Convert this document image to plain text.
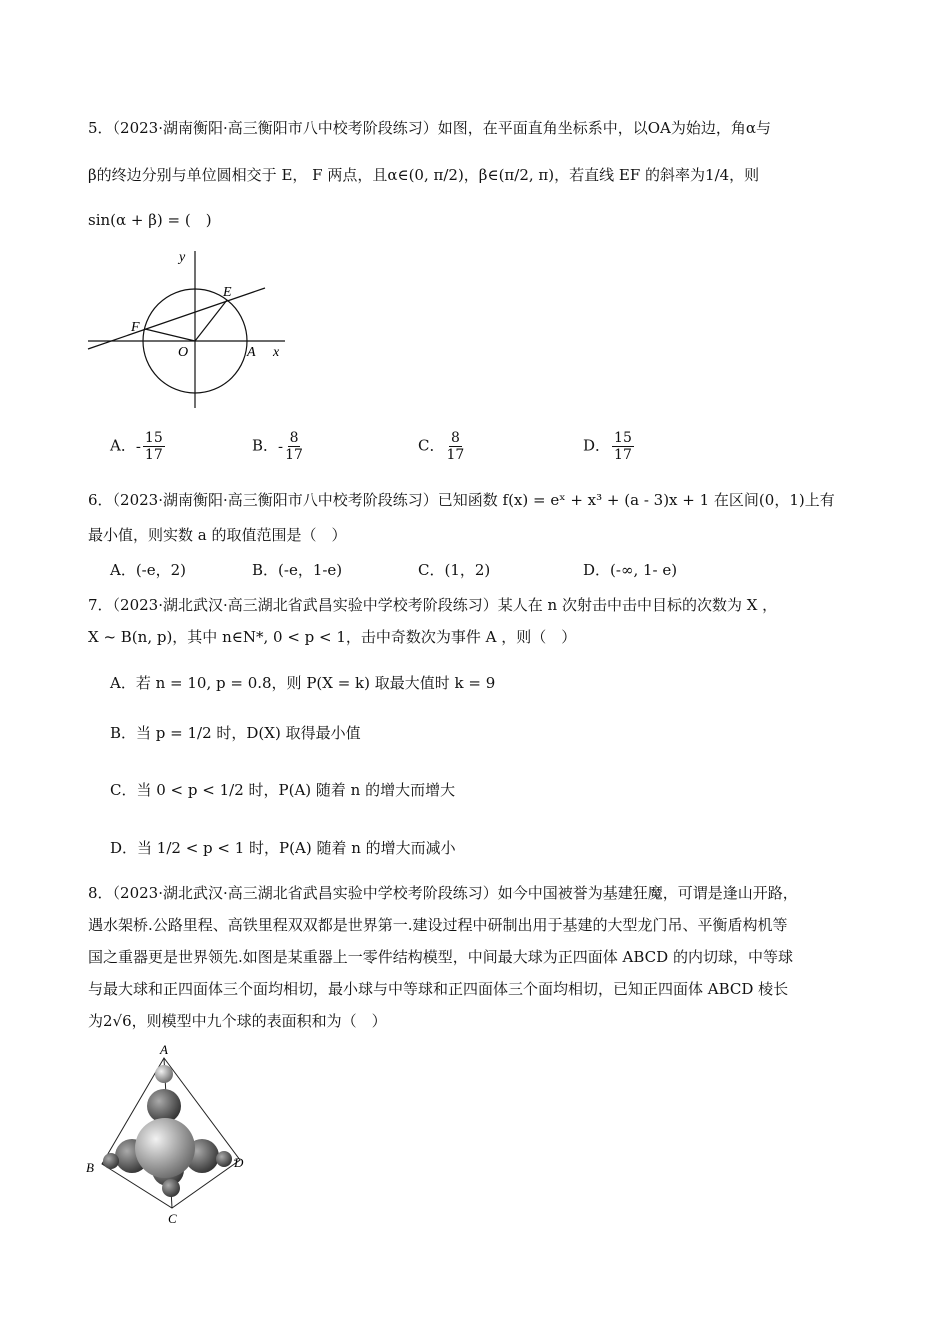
5．（2023·湖南衡阳·高三衡阳市八中校考阶段练习）如图，在平面直角坐标系中，以OA为始边，角α与
β的终边分别与单位圆相交于 E， F 两点，且α∈(0, π/2)，β∈(π/2, π)，若直线 EF 的斜率为1/4，则
sin(α + β) = (　)
y
x
E
F
O	A
A．- $\frac{15}{17}$	B．- $\frac{8}{17}$	C． $\frac{8}{17}$	D． $\frac{15}{17}$
6．（2023·湖南衡阳·高三衡阳市八中校考阶段练习）已知函数 f(x) = eˣ + x³ + (a - 3)x + 1 在区间(0，1)上有
最小值，则实数 a 的取值范围是（　）
A．(-e，2)	B．(-e，1-e)	C．(1，2)	D．(-∞, 1- e)
7．（2023·湖北武汉·高三湖北省武昌实验中学校考阶段练习）某人在 n 次射击中击中目标的次数为 X ，
X ~ B(n, p)，其中 n∈N*, 0 < p < 1，击中奇数次为事件 A ，则（　）
A．若 n = 10, p = 0.8，则 P(X = k) 取最大值时 k = 9
B．当 p = 1/2 时，D(X) 取得最小值
C．当 0 < p < 1/2 时，P(A) 随着 n 的增大而增大
D．当 1/2 < p < 1 时，P(A) 随着 n 的增大而减小
8．（2023·湖北武汉·高三湖北省武昌实验中学校考阶段练习）如今中国被誉为基建狂魔，可谓是逢山开路，
遇水架桥.公路里程、高铁里程双双都是世界第一.建设过程中研制出用于基建的大型龙门吊、平衡盾构机等
国之重器更是世界领先.如图是某重器上一零件结构模型，中间最大球为正四面体 ABCD 的内切球，中等球
与最大球和正四面体三个面均相切，最小球与中等球和正四面体三个面均相切，已知正四面体 ABCD 棱长
为2√6，则模型中九个球的表面积和为（　）
A
B
C
D
